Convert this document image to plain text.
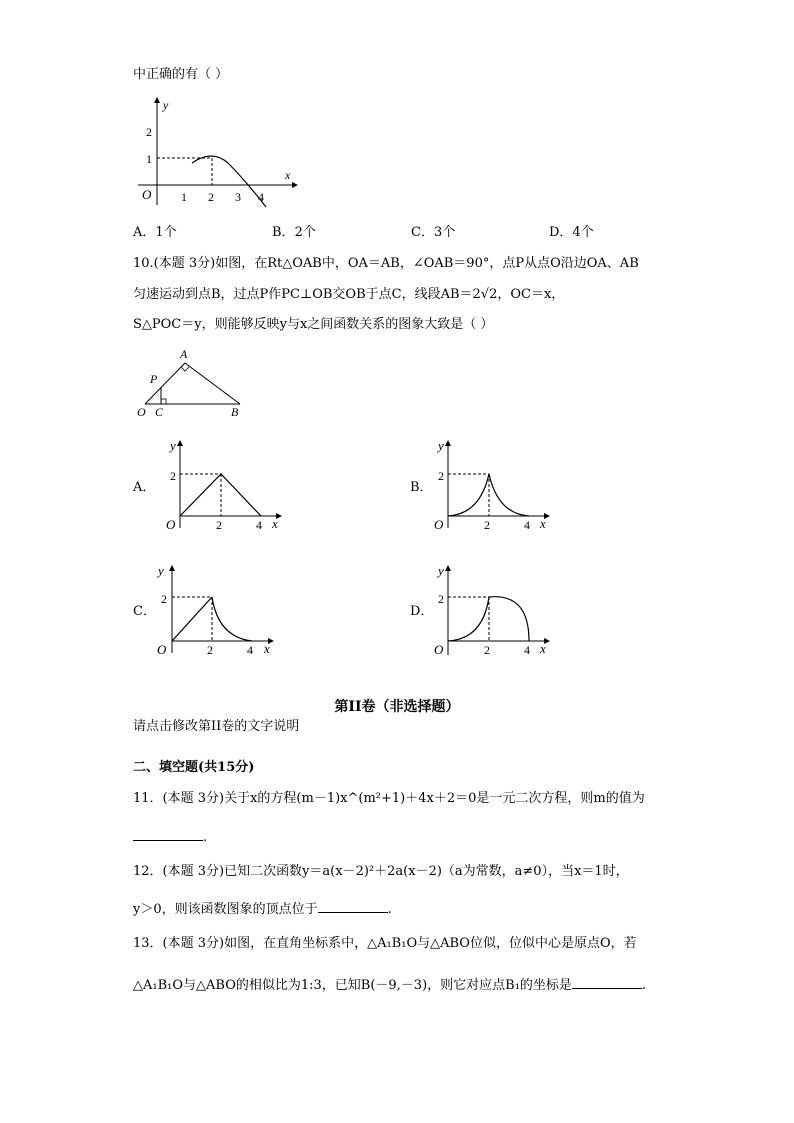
中正确的有（ ）
y
x
O
2
1
1 2 3 4
A．1个	B．2个	C．3个	D．4个
10.(本题 3分)如图，在Rt△OAB中，OA＝AB，∠OAB＝90°，点P从点O沿边OA、AB
匀速运动到点B，过点P作PC⊥OB交OB于点C，线段AB＝2√2，OC＝x，
S△POC＝y，则能够反映y与x之间函数关系的图象大致是（ ）
A
P
O C	B
A．
y
x
O
2
2	4
B．
y
x
O
2
2	4
C．
y
x
O
2
2	4
D．
y
x
O
2
2	4
第II卷（非选择题）
请点击修改第II卷的文字说明
二、填空题(共15分)
11．(本题 3分)关于x的方程(m－1)x^(m²+1)＋4x＋2＝0是一元二次方程，则m的值为
.
12．(本题 3分)已知二次函数y＝a(x－2)²＋2a(x－2)（a为常数，a≠0），当x＝1时，
y＞0，则该函数图象的顶点位于	.
13．(本题 3分)如图，在直角坐标系中，△A₁B₁O与△ABO位似，位似中心是原点O，若
△A₁B₁O与△ABO的相似比为1:3，已知B(－9,－3)，则它对应点B₁的坐标是	.
